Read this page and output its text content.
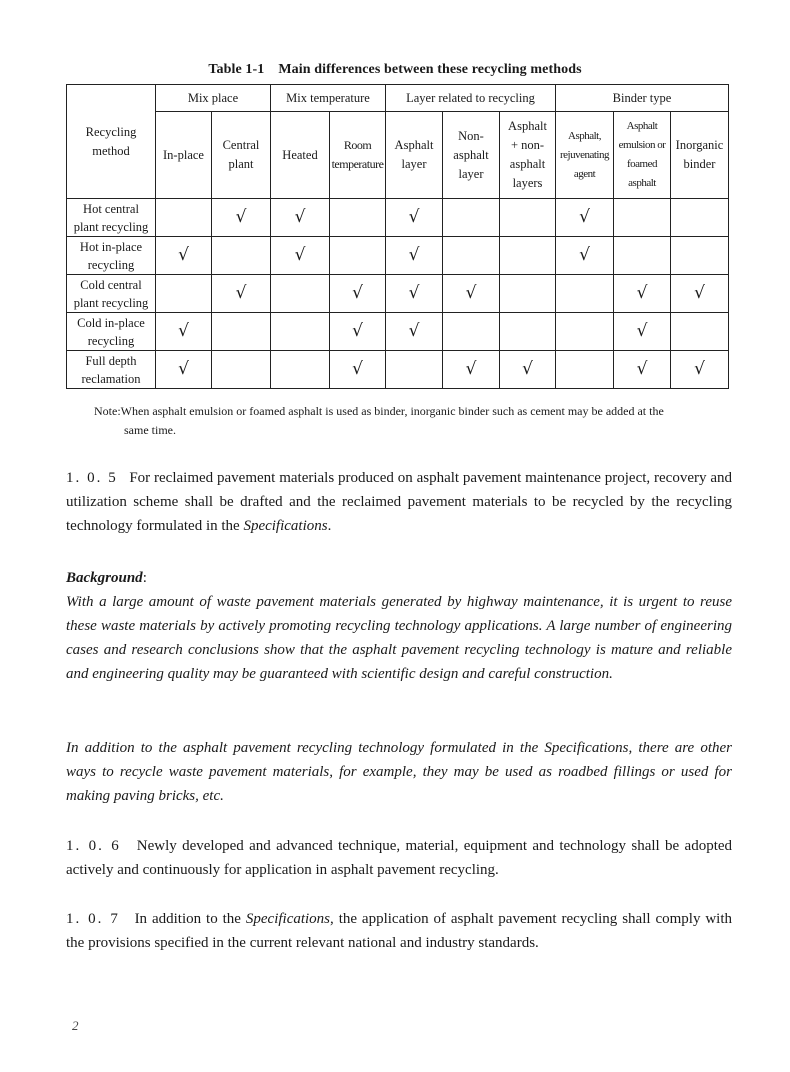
Table 1-1 Main differences between these recycling methods
Recycling method	Mix place		Mix temperature		Layer related to recycling			Binder type		
	In-place	Central plant	Heated	Room temperature	Asphalt layer	Non-asphalt layer	Asphalt + non-asphalt layers	Asphalt, rejuvenating agent	Asphalt emulsion or foamed asphalt	Inorganic binder
Hot central plant recycling		√	√		√			√		
Hot in-place recycling	√		√		√			√		
Cold central plant recycling		√		√	√	√			√	√
Cold in-place recycling	√			√	√				√	
Full depth reclamation	√			√		√	√		√	√
Note:When asphalt emulsion or foamed asphalt is used as binder, inorganic binder such as cement may be added at the
same time.
1. 0. 5 For reclaimed pavement materials produced on asphalt pavement maintenance project, recovery and utilization scheme shall be drafted and the reclaimed pavement materials to be recycled by the recycling technology formulated in the Specifications.
Background:
With a large amount of waste pavement materials generated by highway maintenance, it is urgent to reuse these waste materials by actively promoting recycling technology applications. A large number of engineering cases and research conclusions show that the asphalt pavement recycling technology is mature and reliable and engineering quality may be guaranteed with scientific design and careful construction.
In addition to the asphalt pavement recycling technology formulated in the Specifications, there are other ways to recycle waste pavement materials, for example, they may be used as roadbed fillings or used for making paving bricks, etc.
1. 0. 6 Newly developed and advanced technique, material, equipment and technology shall be adopted actively and continuously for application in asphalt pavement recycling.
1. 0. 7 In addition to the Specifications, the application of asphalt pavement recycling shall comply with the provisions specified in the current relevant national and industry standards.
2
